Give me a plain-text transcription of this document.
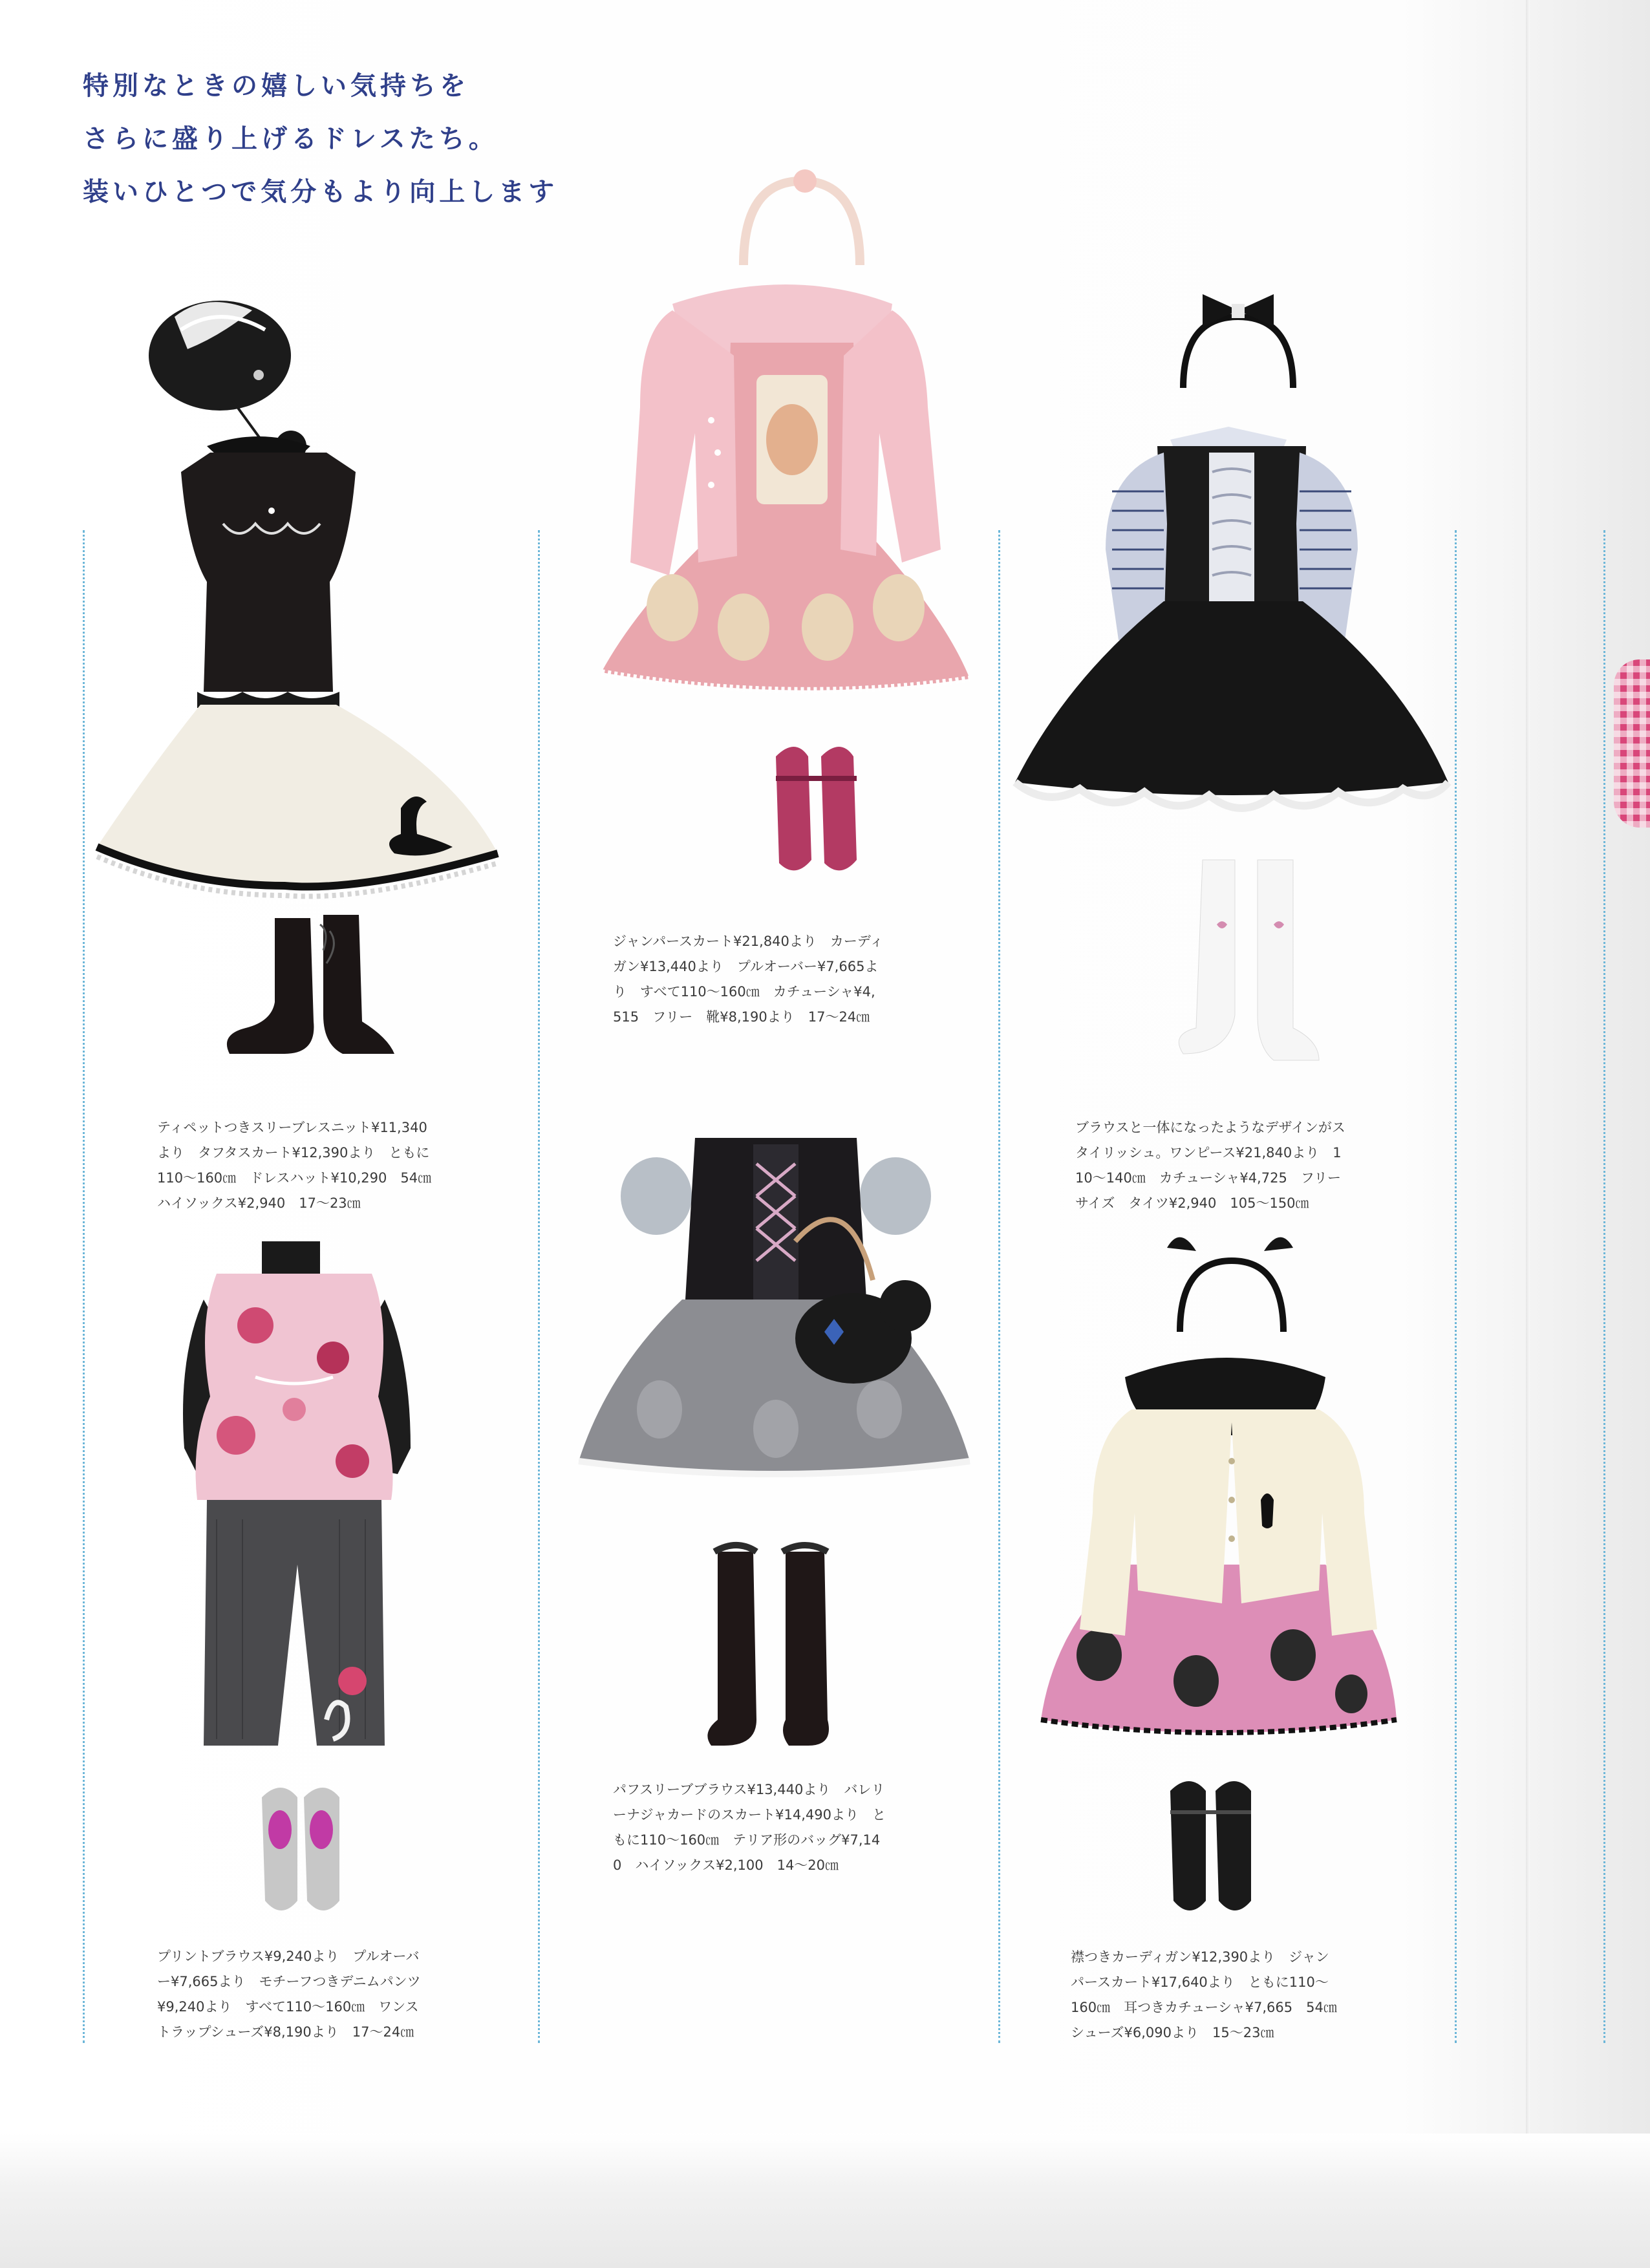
特別なときの嬉しい気持ちを
さらに盛り上げるドレスたち。
装いひとつで気分もより向上します
ティペットつきスリーブレスニット¥11,340
より　タフタスカート¥12,390より　ともに
110〜160㎝　ドレスハット¥10,290　54㎝
ハイソックス¥2,940　17〜23㎝
ジャンパースカート¥21,840より　カーディ
ガン¥13,440より　プルオーバー¥7,665よ
り　すべて110〜160㎝　カチューシャ¥4,
515　フリー　靴¥8,190より　17〜24㎝
ブラウスと一体になったようなデザインがス
タイリッシュ。ワンピース¥21,840より　1
10〜140㎝　カチューシャ¥4,725　フリー
サイズ　タイツ¥2,940　105〜150㎝
プリントブラウス¥9,240より　プルオーバ
ー¥7,665より　モチーフつきデニムパンツ
¥9,240より　すべて110〜160㎝　ワンス
トラップシューズ¥8,190より　17〜24㎝
パフスリーブブラウス¥13,440より　バレリ
ーナジャカードのスカート¥14,490より　と
もに110〜160㎝　テリア形のバッグ¥7,14
0　ハイソックス¥2,100　14〜20㎝
襟つきカーディガン¥12,390より　ジャン
パースカート¥17,640より　ともに110〜
160㎝　耳つきカチューシャ¥7,665　54㎝
シューズ¥6,090より　15〜23㎝
